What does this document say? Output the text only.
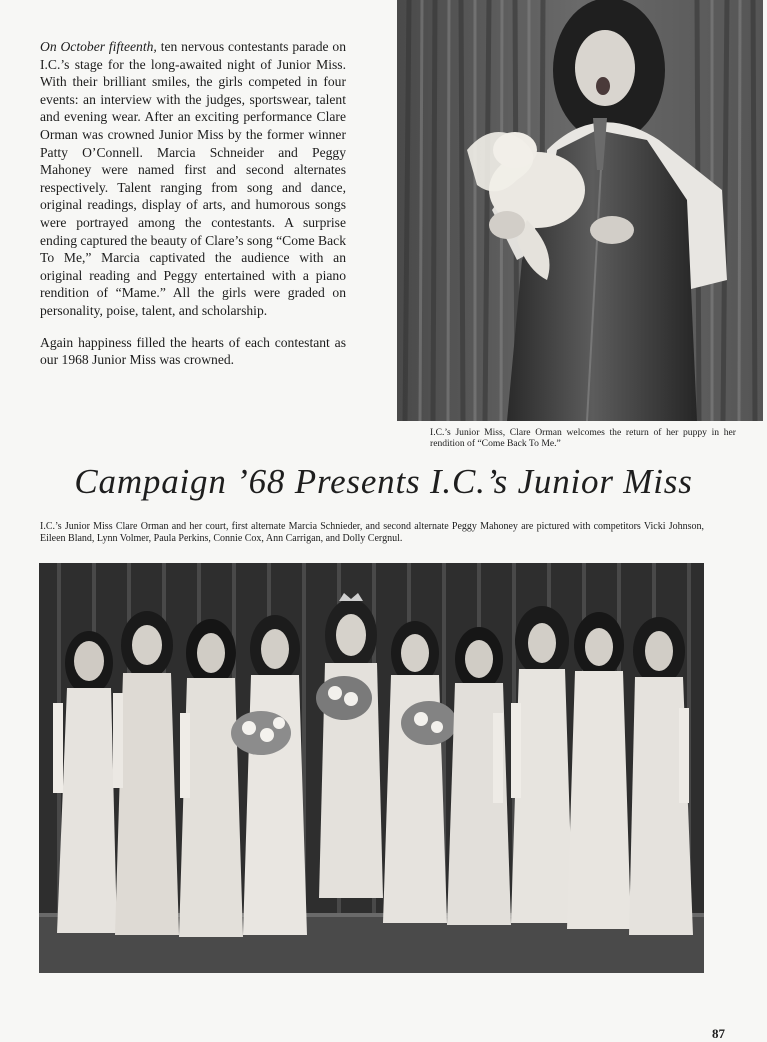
On October fifteenth, ten nervous contestants parade on I.C.’s stage for the long-awaited night of Junior Miss. With their brilliant smiles, the girls competed in four events: an interview with the judges, sportswear, talent and evening wear. After an exciting performance Clare Orman was crowned Junior Miss by the former winner Patty O’Connell. Marcia Schneider and Peggy Mahoney were named first and second alternates respectively. Talent ranging from song and dance, original readings, display of arts, and humorous songs were portrayed among the contestants. A surprise ending captured the beauty of Clare’s song “Come Back To Me,” Marcia captivated the audience with an original reading and Peggy entertained with a piano rendition of “Mame.” All the girls were graded on personality, poise, talent, and scholarship.

Again happiness filled the hearts of each contestant as our 1968 Junior Miss was crowned.

I.C.’s Junior Miss, Clare Orman welcomes the return of her puppy in her rendition of “Come Back To Me.”

Campaign ’68 Presents I.C.’s Junior Miss

I.C.’s Junior Miss Clare Orman and her court, first alternate Marcia Schnieder, and second alternate Peggy Mahoney are pictured with competitors Vicki Johnson, Eileen Bland, Lynn Volmer, Paula Perkins, Connie Cox, Ann Carrigan, and Dolly Cergnul.

87
